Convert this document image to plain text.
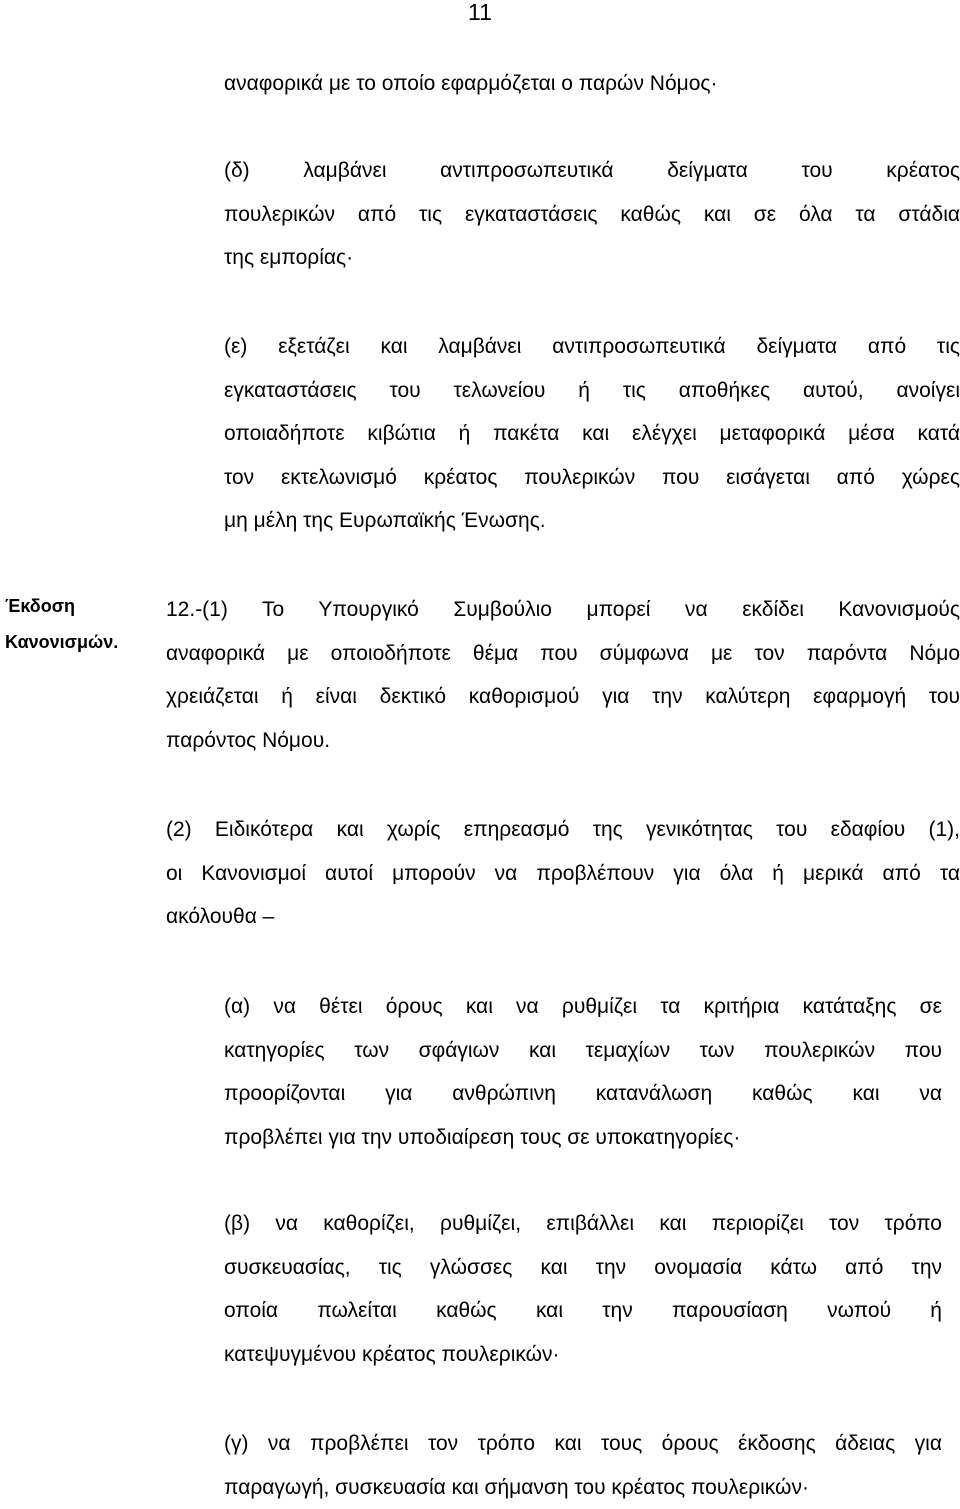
11
αναφορικά με το οποίο εφαρμόζεται ο παρών Νόμος·
(δ) λαμβάνει αντιπροσωπευτικά δείγματα του κρέατος
πουλερικών από τις εγκαταστάσεις καθώς και σε όλα τα στάδια
της εμπορίας·
(ε) εξετάζει και λαμβάνει αντιπροσωπευτικά δείγματα από τις
εγκαταστάσεις του τελωνείου ή τις αποθήκες αυτού, ανοίγει
οποιαδήποτε κιβώτια ή πακέτα και ελέγχει μεταφορικά μέσα κατά
τον εκτελωνισμό κρέατος πουλερικών που εισάγεται από χώρες
μη μέλη της Ευρωπαϊκής Ένωσης.
Έκδοση
Κανονισμών.
12.-(1) Το Υπουργικό Συμβούλιο μπορεί να εκδίδει Κανονισμούς
αναφορικά με οποιοδήποτε θέμα που σύμφωνα με τον παρόντα Νόμο
χρειάζεται ή είναι δεκτικό καθορισμού για την καλύτερη εφαρμογή του
παρόντος Νόμου.
(2) Ειδικότερα και χωρίς επηρεασμό της γενικότητας του εδαφίου (1),
οι Κανονισμοί αυτοί μπορούν να προβλέπουν για όλα ή μερικά από τα
ακόλουθα –
(α) να θέτει όρους και να ρυθμίζει τα κριτήρια κατάταξης σε
κατηγορίες των σφάγιων και τεμαχίων των πουλερικών που
προορίζονται για ανθρώπινη κατανάλωση καθώς και να
προβλέπει για την υποδιαίρεση τους σε υποκατηγορίες·
(β) να καθορίζει, ρυθμίζει, επιβάλλει και περιορίζει τον τρόπο
συσκευασίας, τις γλώσσες και την ονομασία κάτω από την
οποία πωλείται καθώς και την παρουσίαση νωπού ή
κατεψυγμένου κρέατος πουλερικών·
(γ) να προβλέπει τον τρόπο και τους όρους έκδοσης άδειας για
παραγωγή, συσκευασία και σήμανση του κρέατος πουλερικών·
